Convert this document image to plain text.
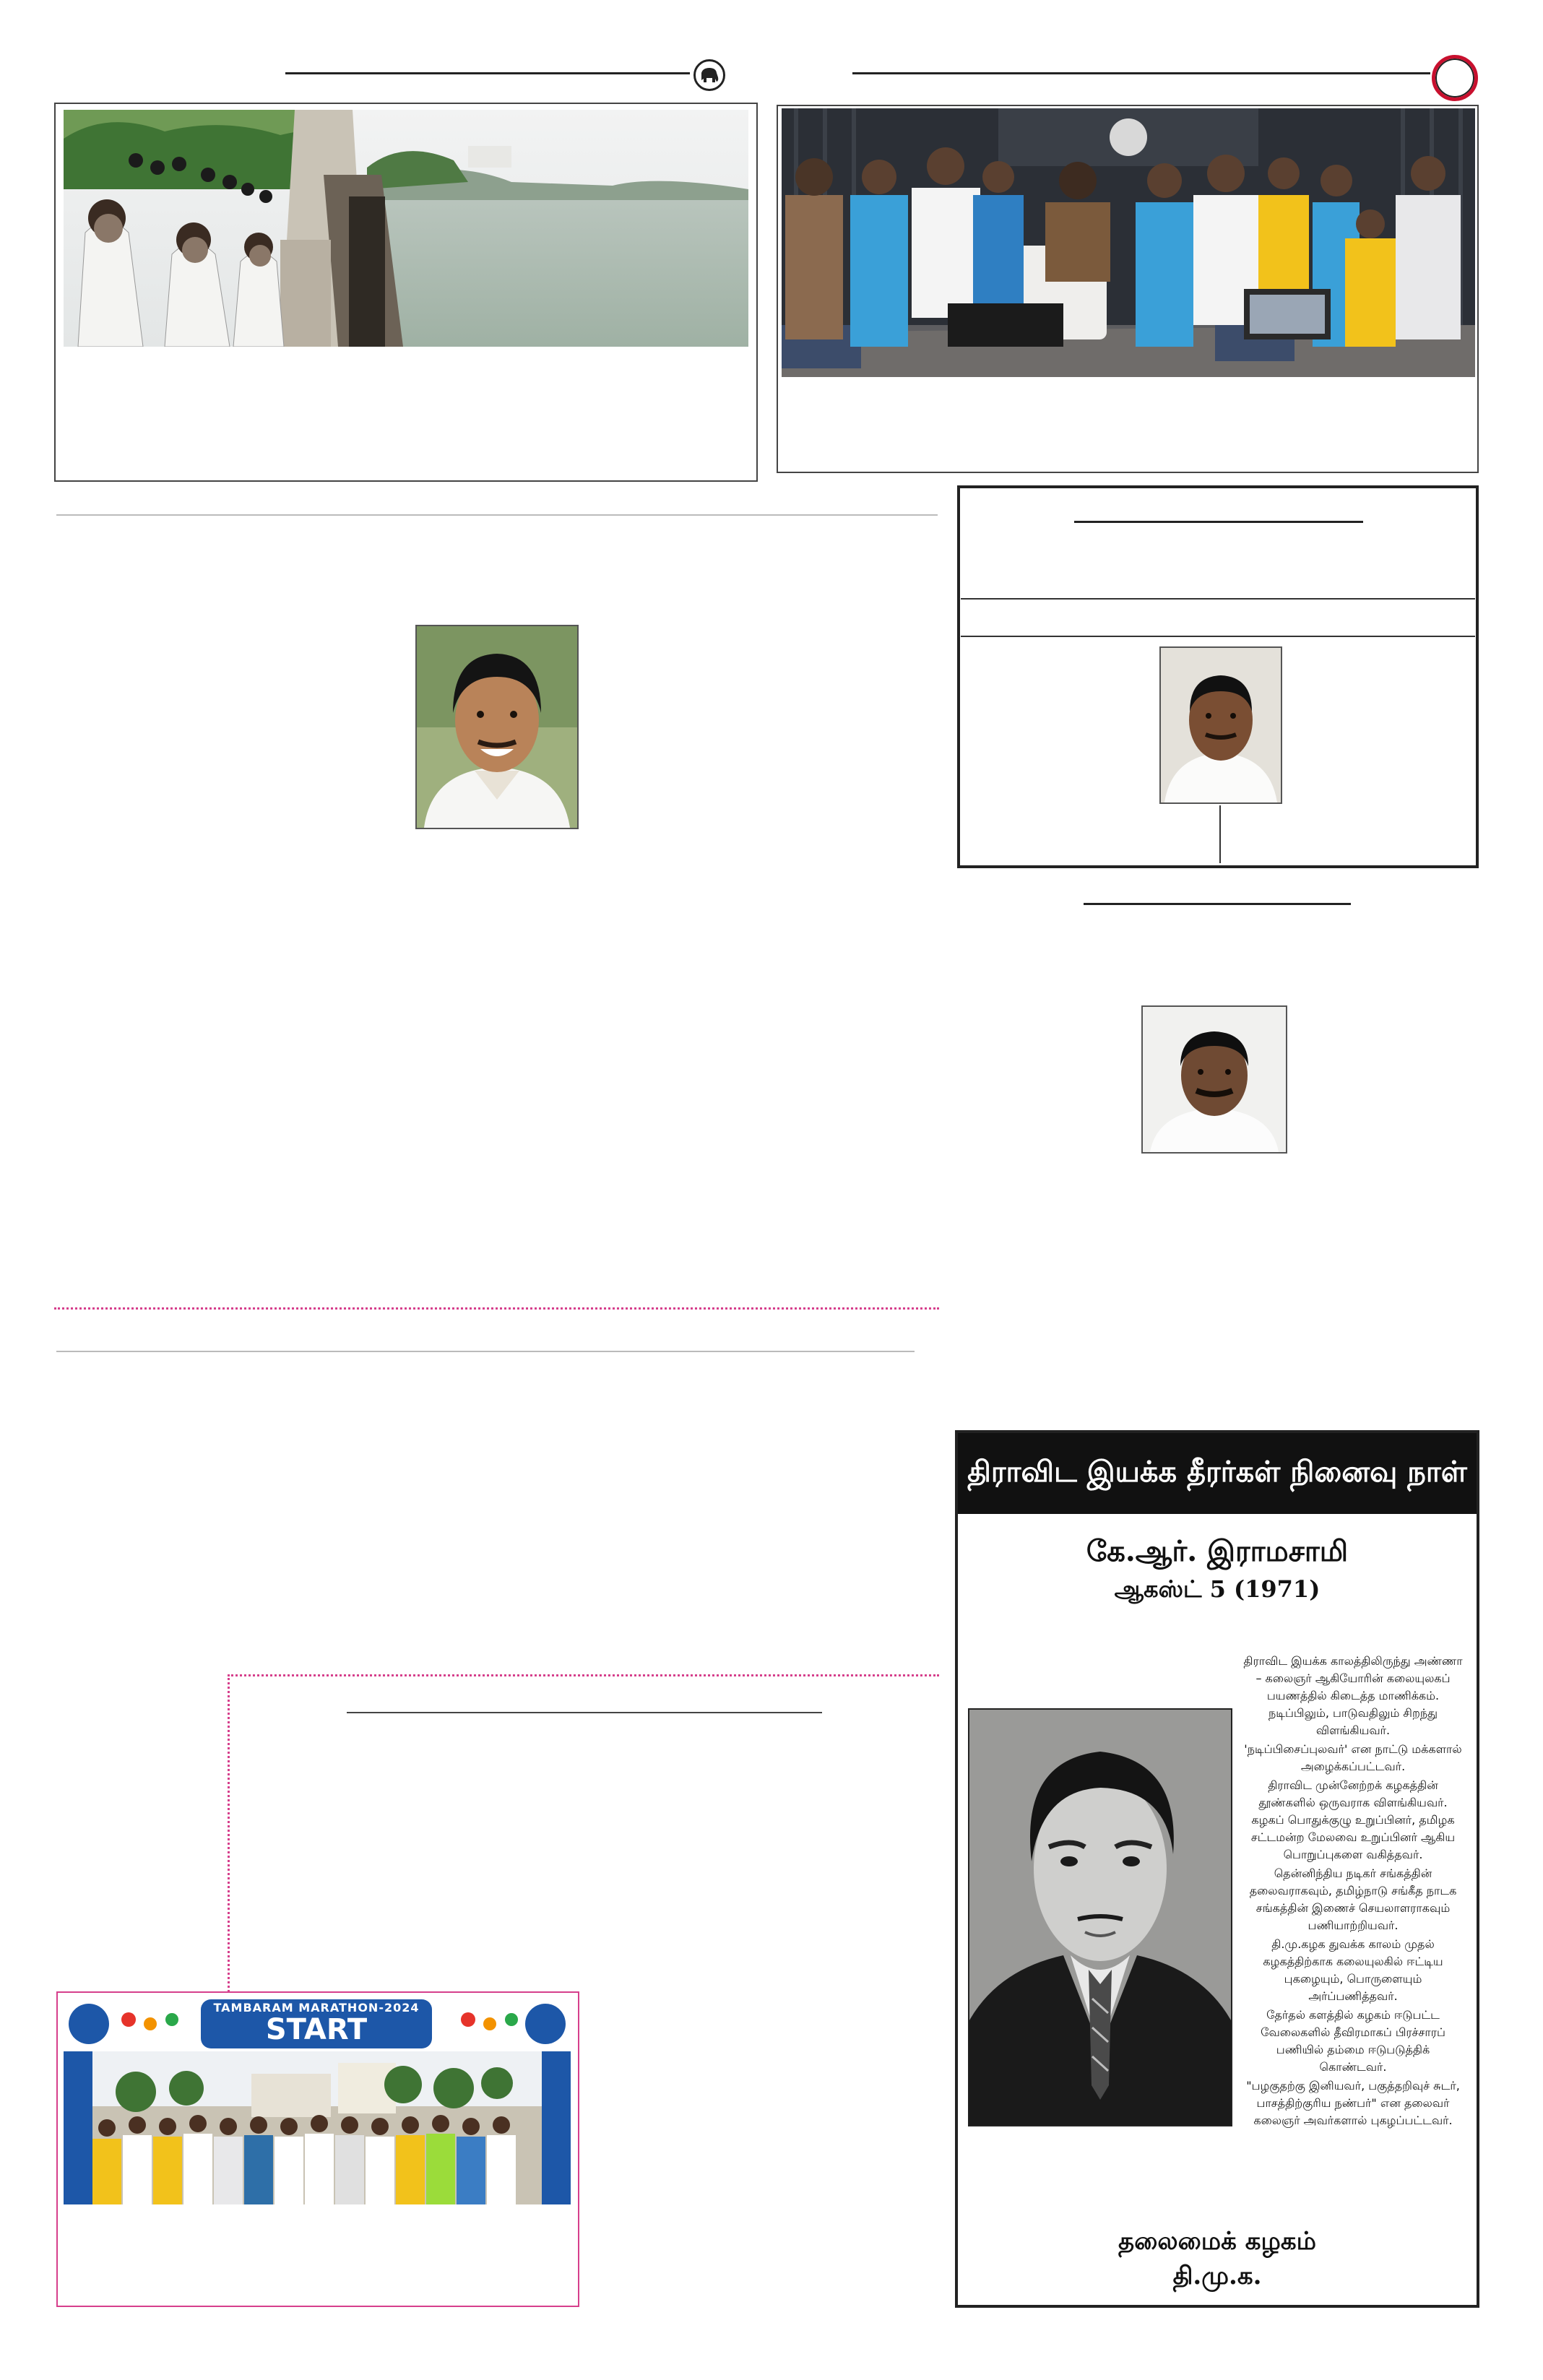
TAMBARAM MARATHON-2024
START
திராவிட இயக்க தீரர்கள் நினைவு நாள்
கே.ஆர். இராமசாமி
ஆகஸ்ட் 5 (1971)
திராவிட இயக்க காலத்திலிருந்து அண்ணா – கலைஞர் ஆகியோரின் கலையுலகப் பயணத்தில் கிடைத்த மாணிக்கம். நடிப்பிலும், பாடுவதிலும் சிறந்து விளங்கியவர்.
'நடிப்பிசைப்புலவர்' என நாட்டு மக்களால் அழைக்கப்பட்டவர்.
திராவிட முன்னேற்றக் கழகத்தின் தூண்களில் ஒருவராக விளங்கியவர். கழகப் பொதுக்குழு உறுப்பினர், தமிழக சட்டமன்ற மேலவை உறுப்பினர் ஆகிய பொறுப்புகளை வகித்தவர்.
தென்னிந்திய நடிகர் சங்கத்தின் தலைவராகவும், தமிழ்நாடு சங்கீத நாடக சங்கத்தின் இணைச் செயலாளராகவும் பணியாற்றியவர்.
தி.மு.கழக துவக்க காலம் முதல் கழகத்திற்காக கலையுலகில் ஈட்டிய புகழையும், பொருளையும் அர்ப்பணித்தவர்.
தேர்தல் களத்தில் கழகம் ஈடுபட்ட வேலைகளில் தீவிரமாகப் பிரச்சாரப் பணியில் தம்மை ஈடுபடுத்திக் கொண்டவர்.
"பழகுதற்கு இனியவர், பகுத்தறிவுச் சுடர், பாசத்திற்குரிய நண்பர்" என தலைவர் கலைஞர் அவர்களால் புகழப்பட்டவர்.
தலைமைக் கழகம்
தி.மு.க.
